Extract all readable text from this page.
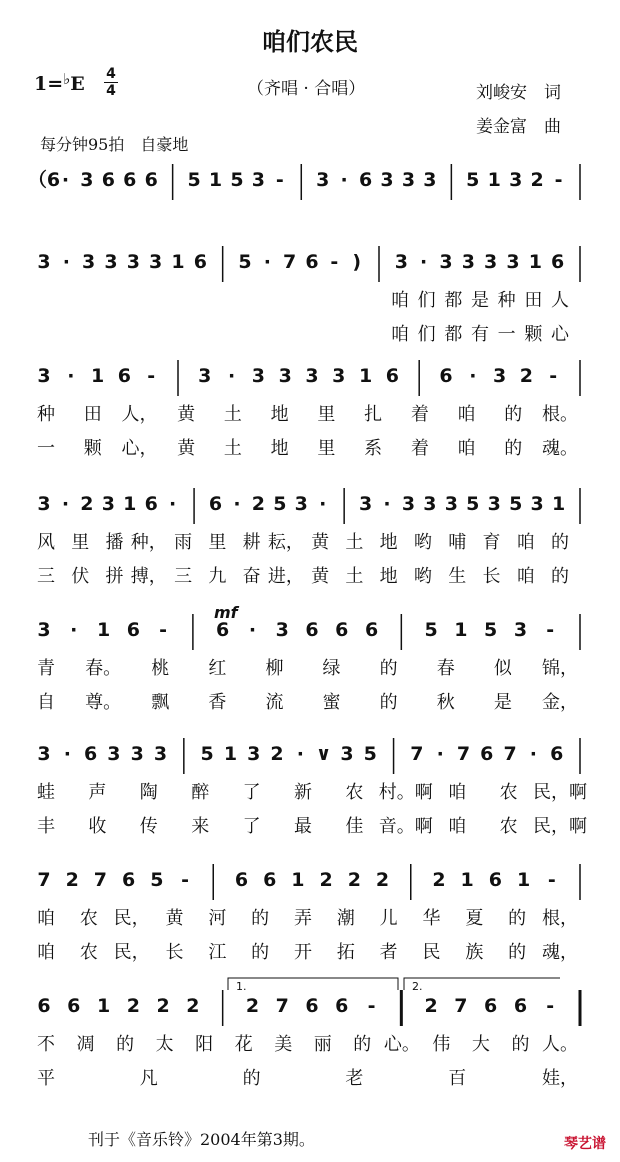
咱们农民
1=♭E 4
4	（齐唱 · 合唱）	刘峻安　词
姜金富　曲
每分钟95拍　自豪地
（6 · 3 6 6 6 5 1 5 3 - 3 · 6 3 3 3 5 1 3 2 -
3 · 3 3 3 3 1 6 5 · 7 6 - ) 3 · 3 3 3 3 1 6
咱 们 都 是 种 田 人
咱 们 都 有 一 颗 心
3 · 1 6 - 3 · 3 3 3 3 1 6 6 · 3 2 -
种 田 人， 黄 土 地 里 扎 着 咱 的 根。
一 颗 心， 黄 土 地 里 系 着 咱 的 魂。
3 · 2 3 1 6 · 6 · 2 5 3 · 3 · 3 3 3 5 3 5 3 1
风 里 播 种， 雨 里 耕 耘， 黄 土 地 哟 哺 育 咱 的
三 伏 拼 搏， 三 九 奋 进， 黄 土 地 哟 生 长 咱 的
3 · 1 6 -	6 · 3 6 6 6 5 1 5 3 -
青 春。 桃 红 柳 绿 的 春 似 锦，
自 尊。 飘 香 流 蜜 的 秋 是 金，
3 · 6 3 3 3 5 1 3 2 · ∨ 3 5 7 · 7 6 7 · 6
蛙 声 陶 醉 了 新 农 村。啊 咱 农 民，啊
丰 收 传 来 了 最 佳 音。啊 咱 农 民，啊
7 2 7 6 5 - 6 6 1 2 2 2 2 1 6 1 -
咱 农 民， 黄 河 的 弄 潮 儿 华 夏 的 根，
咱 农 民， 长 江 的 开 拓 者 民 族 的 魂，
6 6 1 2 2 2 2 7 6 6 -	2 7 6 6 -
不 凋 的 太 阳 花 美 丽 的 心。 伟 大 的 人。
平	凡	的	老	百	娃，
mf
1.	2.
刊于《音乐铃》2004年第3期。	琴艺谱
